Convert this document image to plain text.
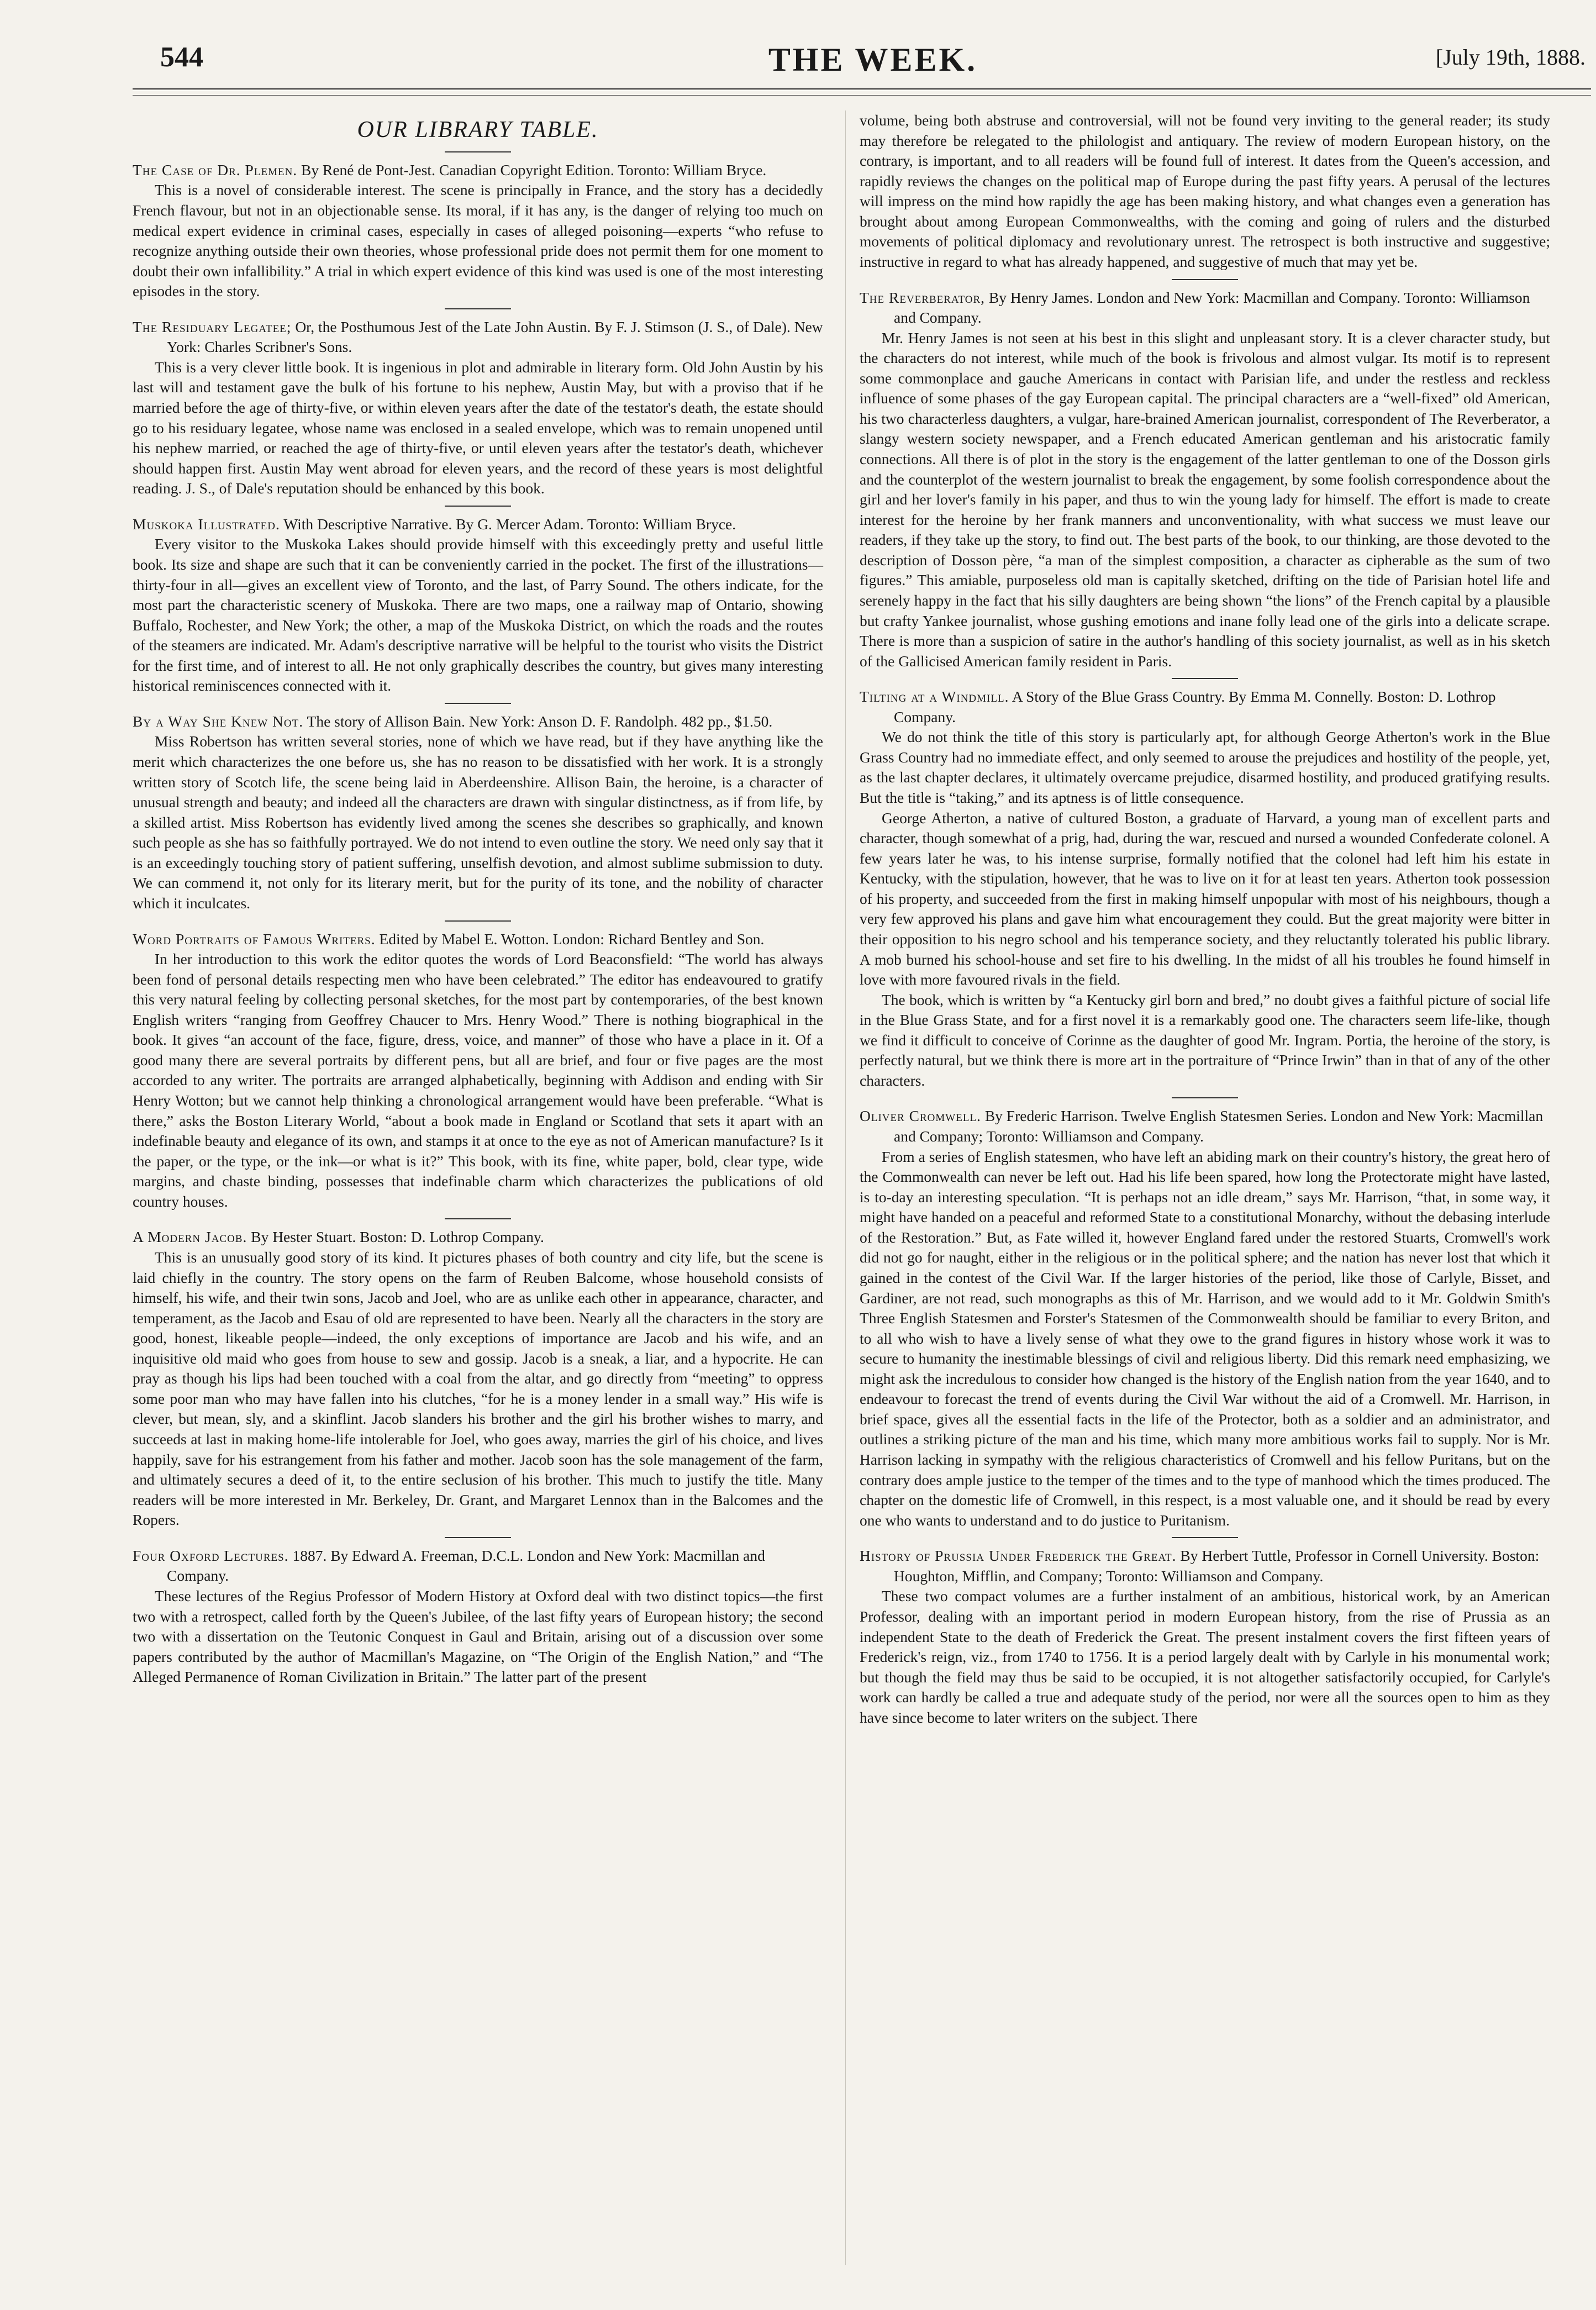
544	THE WEEK.	[July 19th, 1888.
OUR LIBRARY TABLE.
The Case of Dr. Plemen. By René de Pont-Jest. Canadian Copyright Edition. Toronto: William Bryce.

This is a novel of considerable interest. The scene is principally in France, and the story has a decidedly French flavour, but not in an objectionable sense. Its moral, if it has any, is the danger of relying too much on medical expert evidence in criminal cases, especially in cases of alleged poisoning—experts “who refuse to recognize anything outside their own theories, whose professional pride does not permit them for one moment to doubt their own infallibility.” A trial in which expert evidence of this kind was used is one of the most interesting episodes in the story.

The Residuary Legatee; Or, the Posthumous Jest of the Late John Austin. By F. J. Stimson (J. S., of Dale). New York: Charles Scribner's Sons.

This is a very clever little book. It is ingenious in plot and admirable in literary form. Old John Austin by his last will and testament gave the bulk of his fortune to his nephew, Austin May, but with a proviso that if he married before the age of thirty-five, or within eleven years after the date of the testator's death, the estate should go to his residuary legatee, whose name was enclosed in a sealed envelope, which was to remain unopened until his nephew married, or reached the age of thirty-five, or until eleven years after the testator's death, whichever should happen first. Austin May went abroad for eleven years, and the record of these years is most delightful reading. J. S., of Dale's reputation should be enhanced by this book.

Muskoka Illustrated. With Descriptive Narrative. By G. Mercer Adam. Toronto: William Bryce.

Every visitor to the Muskoka Lakes should provide himself with this exceedingly pretty and useful little book. Its size and shape are such that it can be conveniently carried in the pocket. The first of the illustrations—thirty-four in all—gives an excellent view of Toronto, and the last, of Parry Sound. The others indicate, for the most part the characteristic scenery of Muskoka. There are two maps, one a railway map of Ontario, showing Buffalo, Rochester, and New York; the other, a map of the Muskoka District, on which the roads and the routes of the steamers are indicated. Mr. Adam's descriptive narrative will be helpful to the tourist who visits the District for the first time, and of interest to all. He not only graphically describes the country, but gives many interesting historical reminiscences connected with it.

By a Way She Knew Not. The story of Allison Bain. New York: Anson D. F. Randolph. 482 pp., $1.50.

Miss Robertson has written several stories, none of which we have read, but if they have anything like the merit which characterizes the one before us, she has no reason to be dissatisfied with her work. It is a strongly written story of Scotch life, the scene being laid in Aberdeenshire. Allison Bain, the heroine, is a character of unusual strength and beauty; and indeed all the characters are drawn with singular distinctness, as if from life, by a skilled artist. Miss Robertson has evidently lived among the scenes she describes so graphically, and known such people as she has so faithfully portrayed. We do not intend to even outline the story. We need only say that it is an exceedingly touching story of patient suffering, unselfish devotion, and almost sublime submission to duty. We can commend it, not only for its literary merit, but for the purity of its tone, and the nobility of character which it inculcates.

Word Portraits of Famous Writers. Edited by Mabel E. Wotton. London: Richard Bentley and Son.

In her introduction to this work the editor quotes the words of Lord Beaconsfield: “The world has always been fond of personal details respecting men who have been celebrated.” The editor has endeavoured to gratify this very natural feeling by collecting personal sketches, for the most part by contemporaries, of the best known English writers “ranging from Geoffrey Chaucer to Mrs. Henry Wood.” There is nothing biographical in the book. It gives “an account of the face, figure, dress, voice, and manner” of those who have a place in it. Of a good many there are several portraits by different pens, but all are brief, and four or five pages are the most accorded to any writer. The portraits are arranged alphabetically, beginning with Addison and ending with Sir Henry Wotton; but we cannot help thinking a chronological arrangement would have been preferable. “What is there,” asks the Boston Literary World, “about a book made in England or Scotland that sets it apart with an indefinable beauty and elegance of its own, and stamps it at once to the eye as not of American manufacture? Is it the paper, or the type, or the ink—or what is it?” This book, with its fine, white paper, bold, clear type, wide margins, and chaste binding, possesses that indefinable charm which characterizes the publications of old country houses.

A Modern Jacob. By Hester Stuart. Boston: D. Lothrop Company.

This is an unusually good story of its kind. It pictures phases of both country and city life, but the scene is laid chiefly in the country. The story opens on the farm of Reuben Balcome, whose household consists of himself, his wife, and their twin sons, Jacob and Joel, who are as unlike each other in appearance, character, and temperament, as the Jacob and Esau of old are represented to have been. Nearly all the characters in the story are good, honest, likeable people—indeed, the only exceptions of importance are Jacob and his wife, and an inquisitive old maid who goes from house to sew and gossip. Jacob is a sneak, a liar, and a hypocrite. He can pray as though his lips had been touched with a coal from the altar, and go directly from “meeting” to oppress some poor man who may have fallen into his clutches, “for he is a money lender in a small way.” His wife is clever, but mean, sly, and a skinflint. Jacob slanders his brother and the girl his brother wishes to marry, and succeeds at last in making home-life intolerable for Joel, who goes away, marries the girl of his choice, and lives happily, save for his estrangement from his father and mother. Jacob soon has the sole management of the farm, and ultimately secures a deed of it, to the entire seclusion of his brother. This much to justify the title. Many readers will be more interested in Mr. Berkeley, Dr. Grant, and Margaret Lennox than in the Balcomes and the Ropers.

Four Oxford Lectures. 1887. By Edward A. Freeman, D.C.L. London and New York: Macmillan and Company.

These lectures of the Regius Professor of Modern History at Oxford deal with two distinct topics—the first two with a retrospect, called forth by the Queen's Jubilee, of the last fifty years of European history; the second two with a dissertation on the Teutonic Conquest in Gaul and Britain, arising out of a discussion over some papers contributed by the author of Macmillan's Magazine, on “The Origin of the English Nation,” and “The Alleged Permanence of Roman Civilization in Britain.” The latter part of the present

volume, being both abstruse and controversial, will not be found very inviting to the general reader; its study may therefore be relegated to the philologist and antiquary. The review of modern European history, on the contrary, is important, and to all readers will be found full of interest. It dates from the Queen's accession, and rapidly reviews the changes on the political map of Europe during the past fifty years. A perusal of the lectures will impress on the mind how rapidly the age has been making history, and what changes even a generation has brought about among European Commonwealths, with the coming and going of rulers and the disturbed movements of political diplomacy and revolutionary unrest. The retrospect is both instructive and suggestive; instructive in regard to what has already happened, and suggestive of much that may yet be.

The Reverberator, By Henry James. London and New York: Macmillan and Company. Toronto: Williamson and Company.

Mr. Henry James is not seen at his best in this slight and unpleasant story. It is a clever character study, but the characters do not interest, while much of the book is frivolous and almost vulgar. Its motif is to represent some commonplace and gauche Americans in contact with Parisian life, and under the restless and reckless influence of some phases of the gay European capital. The principal characters are a “well-fixed” old American, his two characterless daughters, a vulgar, hare-brained American journalist, correspondent of The Reverberator, a slangy western society newspaper, and a French educated American gentleman and his aristocratic family connections. All there is of plot in the story is the engagement of the latter gentleman to one of the Dosson girls and the counterplot of the western journalist to break the engagement, by some foolish correspondence about the girl and her lover's family in his paper, and thus to win the young lady for himself. The effort is made to create interest for the heroine by her frank manners and unconventionality, with what success we must leave our readers, if they take up the story, to find out. The best parts of the book, to our thinking, are those devoted to the description of Dosson père, “a man of the simplest composition, a character as cipherable as the sum of two figures.” This amiable, purposeless old man is capitally sketched, drifting on the tide of Parisian hotel life and serenely happy in the fact that his silly daughters are being shown “the lions” of the French capital by a plausible but crafty Yankee journalist, whose gushing emotions and inane folly lead one of the girls into a delicate scrape. There is more than a suspicion of satire in the author's handling of this society journalist, as well as in his sketch of the Gallicised American family resident in Paris.

Tilting at a Windmill. A Story of the Blue Grass Country. By Emma M. Connelly. Boston: D. Lothrop Company.

We do not think the title of this story is particularly apt, for although George Atherton's work in the Blue Grass Country had no immediate effect, and only seemed to arouse the prejudices and hostility of the people, yet, as the last chapter declares, it ultimately overcame prejudice, disarmed hostility, and produced gratifying results. But the title is “taking,” and its aptness is of little consequence.

George Atherton, a native of cultured Boston, a graduate of Harvard, a young man of excellent parts and character, though somewhat of a prig, had, during the war, rescued and nursed a wounded Confederate colonel. A few years later he was, to his intense surprise, formally notified that the colonel had left him his estate in Kentucky, with the stipulation, however, that he was to live on it for at least ten years. Atherton took possession of his property, and succeeded from the first in making himself unpopular with most of his neighbours, though a very few approved his plans and gave him what encouragement they could. But the great majority were bitter in their opposition to his negro school and his temperance society, and they reluctantly tolerated his public library. A mob burned his school-house and set fire to his dwelling. In the midst of all his troubles he found himself in love with more favoured rivals in the field.

The book, which is written by “a Kentucky girl born and bred,” no doubt gives a faithful picture of social life in the Blue Grass State, and for a first novel it is a remarkably good one. The characters seem life-like, though we find it difficult to conceive of Corinne as the daughter of good Mr. Ingram. Portia, the heroine of the story, is perfectly natural, but we think there is more art in the portraiture of “Prince Irwin” than in that of any of the other characters.

Oliver Cromwell. By Frederic Harrison. Twelve English Statesmen Series. London and New York: Macmillan and Company; Toronto: Williamson and Company.

From a series of English statesmen, who have left an abiding mark on their country's history, the great hero of the Commonwealth can never be left out. Had his life been spared, how long the Protectorate might have lasted, is to-day an interesting speculation. “It is perhaps not an idle dream,” says Mr. Harrison, “that, in some way, it might have handed on a peaceful and reformed State to a constitutional Monarchy, without the debasing interlude of the Restoration.” But, as Fate willed it, however England fared under the restored Stuarts, Cromwell's work did not go for naught, either in the religious or in the political sphere; and the nation has never lost that which it gained in the contest of the Civil War. If the larger histories of the period, like those of Carlyle, Bisset, and Gardiner, are not read, such monographs as this of Mr. Harrison, and we would add to it Mr. Goldwin Smith's Three English Statesmen and Forster's Statesmen of the Commonwealth should be familiar to every Briton, and to all who wish to have a lively sense of what they owe to the grand figures in history whose work it was to secure to humanity the inestimable blessings of civil and religious liberty. Did this remark need emphasizing, we might ask the incredulous to consider how changed is the history of the English nation from the year 1640, and to endeavour to forecast the trend of events during the Civil War without the aid of a Cromwell. Mr. Harrison, in brief space, gives all the essential facts in the life of the Protector, both as a soldier and an administrator, and outlines a striking picture of the man and his time, which many more ambitious works fail to supply. Nor is Mr. Harrison lacking in sympathy with the religious characteristics of Cromwell and his fellow Puritans, but on the contrary does ample justice to the temper of the times and to the type of manhood which the times produced. The chapter on the domestic life of Cromwell, in this respect, is a most valuable one, and it should be read by every one who wants to understand and to do justice to Puritanism.

History of Prussia Under Frederick the Great. By Herbert Tuttle, Professor in Cornell University. Boston: Houghton, Mifflin, and Company; Toronto: Williamson and Company.

These two compact volumes are a further instalment of an ambitious, historical work, by an American Professor, dealing with an important period in modern European history, from the rise of Prussia as an independent State to the death of Frederick the Great. The present instalment covers the first fifteen years of Frederick's reign, viz., from 1740 to 1756. It is a period largely dealt with by Carlyle in his monumental work; but though the field may thus be said to be occupied, it is not altogether satisfactorily occupied, for Carlyle's work can hardly be called a true and adequate study of the period, nor were all the sources open to him as they have since become to later writers on the subject. There
